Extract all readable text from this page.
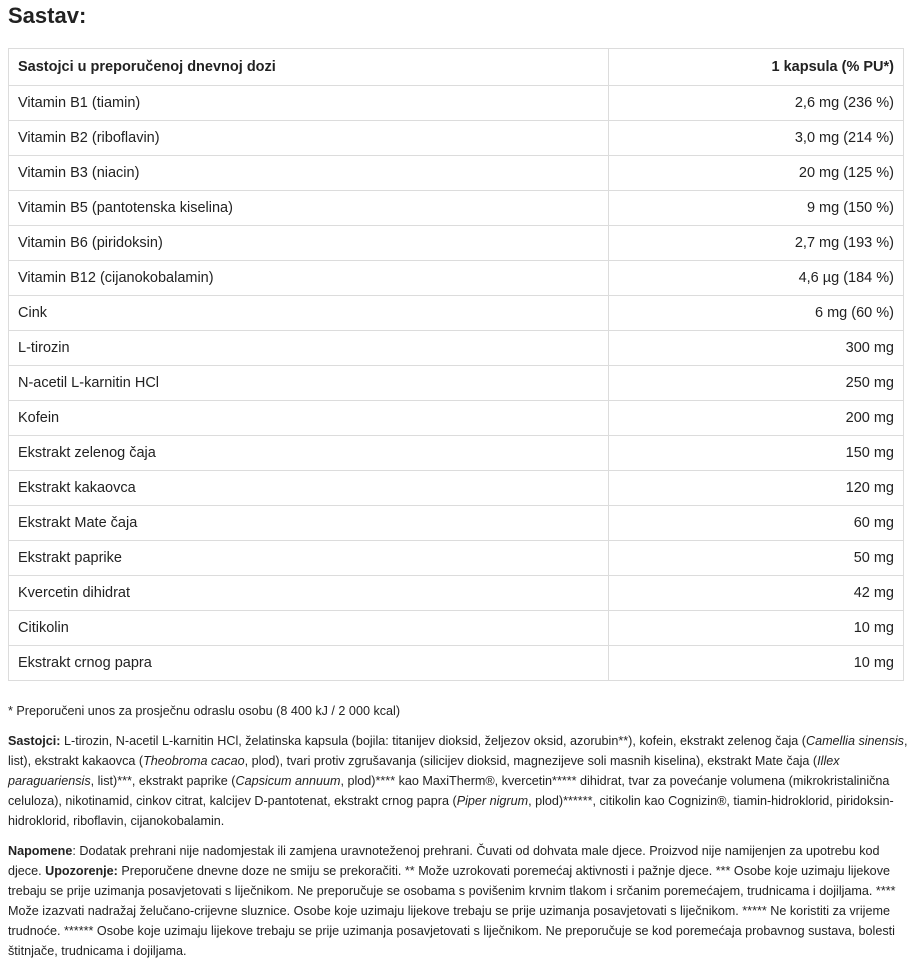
Sastav:
Sastojci u preporučenoj dnevnoj dozi	1 kapsula (% PU*)
Vitamin B1 (tiamin)	2,6 mg (236 %)
Vitamin B2 (riboflavin)	3,0 mg (214 %)
Vitamin B3 (niacin)	20 mg (125 %)
Vitamin B5 (pantotenska kiselina)	9 mg (150 %)
Vitamin B6 (piridoksin)	2,7 mg (193 %)
Vitamin B12 (cijanokobalamin)	4,6 µg (184 %)
Cink	6 mg (60 %)
L-tirozin	300 mg
N-acetil L-karnitin HCl	250 mg
Kofein	200 mg
Ekstrakt zelenog čaja	150 mg
Ekstrakt kakaovca	120 mg
Ekstrakt Mate čaja	60 mg
Ekstrakt paprike	50 mg
Kvercetin dihidrat	42 mg
Citikolin	10 mg
Ekstrakt crnog papra	10 mg

* Preporučeni unos za prosječnu odraslu osobu (8 400 kJ / 2 000 kcal)

Sastojci: L-tirozin, N-acetil L-karnitin HCl, želatinska kapsula (bojila: titanijev dioksid, željezov oksid, azorubin**), kofein, ekstrakt zelenog čaja (Camellia sinensis, list), ekstrakt kakaovca (Theobroma cacao, plod), tvari protiv zgrušavanja (silicijev dioksid, magnezijeve soli masnih kiselina), ekstrakt Mate čaja (Illex paraguariensis, list)***, ekstrakt paprike (Capsicum annuum, plod)**** kao MaxiTherm®, kvercetin***** dihidrat, tvar za povećanje volumena (mikrokristalinična celuloza), nikotinamid, cinkov citrat, kalcijev D-pantotenat, ekstrakt crnog papra (Piper nigrum, plod)******, citikolin kao Cognizin®, tiamin-hidroklorid, piridoksin-hidroklorid, riboflavin, cijanokobalamin.

Napomene: Dodatak prehrani nije nadomjestak ili zamjena uravnoteženoj prehrani. Čuvati od dohvata male djece. Proizvod nije namijenjen za upotrebu kod djece. Upozorenje: Preporučene dnevne doze ne smiju se prekoračiti. ** Može uzrokovati poremećaj aktivnosti i pažnje djece. *** Osobe koje uzimaju lijekove trebaju se prije uzimanja posavjetovati s liječnikom. Ne preporučuje se osobama s povišenim krvnim tlakom i srčanim poremećajem, trudnicama i dojiljama. **** Može izazvati nadražaj želučano-crijevne sluznice. Osobe koje uzimaju lijekove trebaju se prije uzimanja posavjetovati s liječnikom. ***** Ne koristiti za vrijeme trudnoće. ****** Osobe koje uzimaju lijekove trebaju se prije uzimanja posavjetovati s liječnikom. Ne preporučuje se kod poremećaja probavnog sustava, bolesti štitnjače, trudnicama i dojiljama.
